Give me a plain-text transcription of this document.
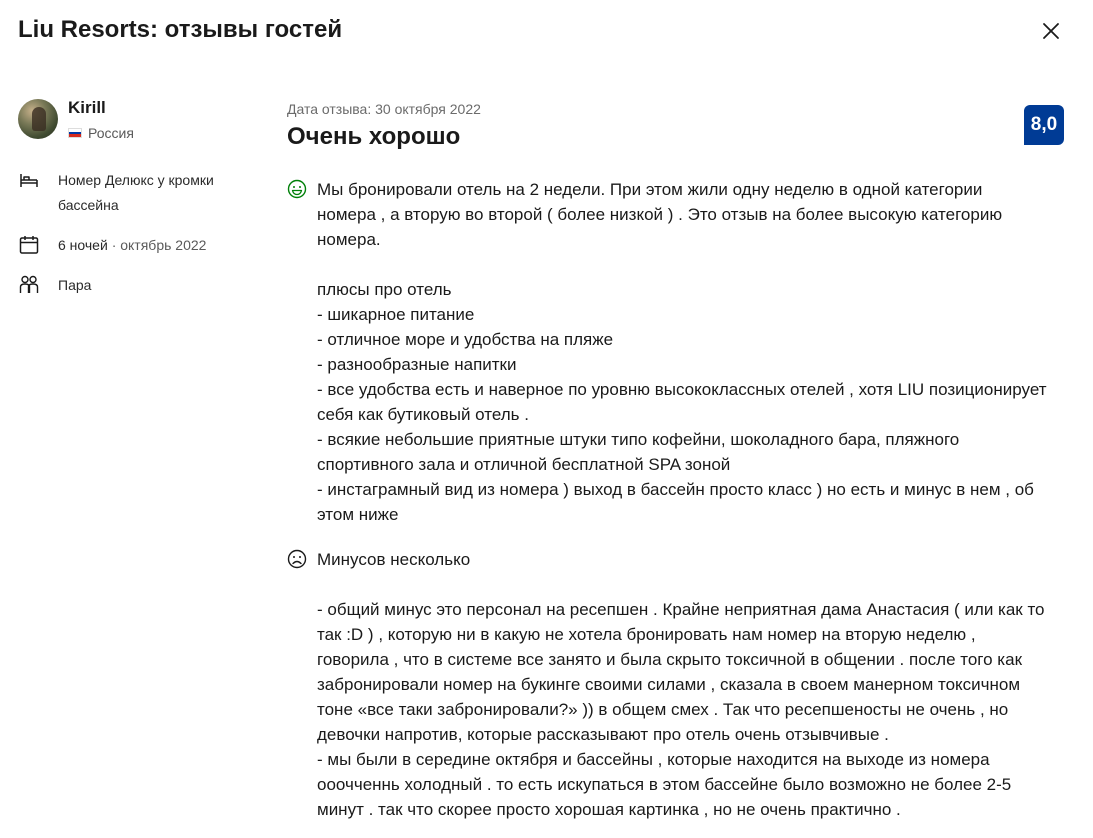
Liu Resorts: отзывы гостей
Kirill
Россия
Номер Делюкс у кромки бассейна
6 ночей
· октябрь 2022
Пара
Дата отзыва: 30 октября 2022
Очень хорошо	8,0
Мы бронировали отель на 2 недели. При этом жили одну неделю в одной категории
номера , а вторую во второй ( более низкой ) . Это отзыв на более высокую категорию
номера.

плюсы про отель
- шикарное питание
- отличное море и удобства на пляже
- разнообразные напитки
- все удобства есть и наверное по уровню высококлассных отелей , хотя LIU позиционирует
себя как бутиковый отель .
- всякие небольшие приятные штуки типо кофейни, шоколадного бара, пляжного
спортивного зала и отличной бесплатной SPA зоной
- инстаграмный вид из номера ) выход в бассейн просто класс ) но есть и минус в нем , об
этом ниже
Минусов несколько

- общий минус это персонал на ресепшен . Крайне неприятная дама Анастасия ( или как то
так :D ) , которую ни в какую не хотела бронировать нам номер на вторую неделю ,
говорила , что в системе все занято и была скрыто токсичной в общении . после того как
забронировали номер на букинге своими силами , сказала в своем манерном токсичном
тоне «все таки забронировали?» )) в общем смех . Так что ресепшеносты не очень , но
девочки напротив, которые рассказывают про отель очень отзывчивые .
- мы были в середине октября и бассейны , которые находится на выходе из номера
ооочченнь холодный . то есть искупаться в этом бассейне было возможно не более 2-5
минут . так что скорее просто хорошая картинка , но не очень практично .
